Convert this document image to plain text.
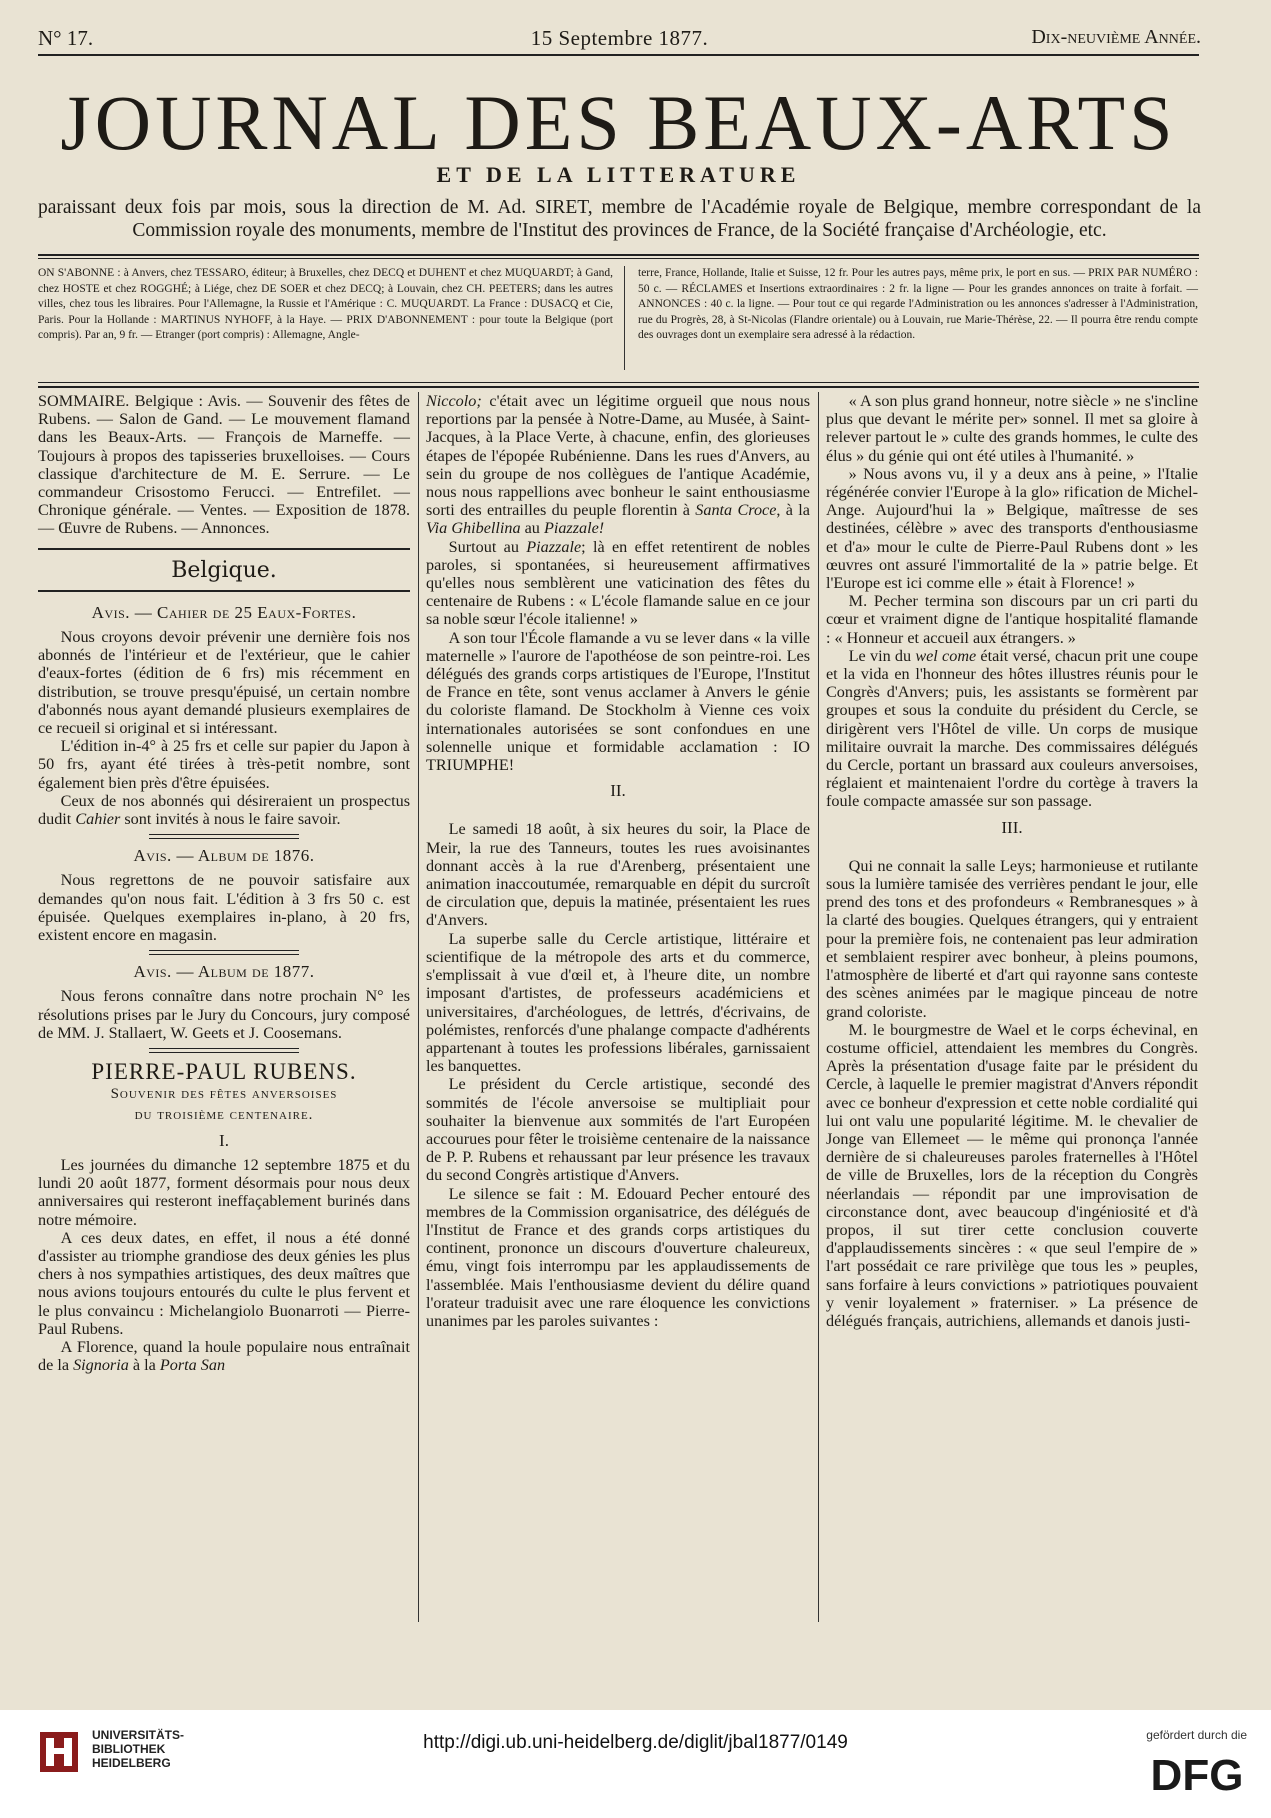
N° 17.	15 Septembre 1877.	Dix-neuvième Année.
JOURNAL DES BEAUX-ARTS
ET DE LA LITTERATURE
paraissant deux fois par mois, sous la direction de M. Ad. SIRET, membre de l'Académie royale de Belgique, membre correspondant de la Commission royale des monuments, membre de l'Institut des provinces de France, de la Société française d'Archéologie, etc.
ON S'ABONNE : à Anvers, chez TESSARO, éditeur; à Bruxelles, chez DECQ et DUHENT et chez MUQUARDT; à Gand, chez HOSTE et chez ROGGHÉ; à Liége, chez DE SOER et chez DECQ; à Louvain, chez CH. PEETERS; dans les autres villes, chez tous les libraires. Pour l'Allemagne, la Russie et l'Amérique : C. MUQUARDT. La France : DUSACQ et Cie, Paris. Pour la Hollande : MARTINUS NYHOFF, à la Haye. — PRIX D'ABONNEMENT : pour toute la Belgique (port compris). Par an, 9 fr. — Etranger (port compris) : Allemagne, Angle-
terre, France, Hollande, Italie et Suisse, 12 fr. Pour les autres pays, même prix, le port en sus. — PRIX PAR NUMÉRO : 50 c. — RÉCLAMES et Insertions extraordinaires : 2 fr. la ligne — Pour les grandes annonces on traite à forfait. — ANNONCES : 40 c. la ligne. — Pour tout ce qui regarde l'Administration ou les annonces s'adresser à l'Administration, rue du Progrès, 28, à St-Nicolas (Flandre orientale) ou à Louvain, rue Marie-Thérèse, 22. — Il pourra être rendu compte des ouvrages dont un exemplaire sera adressé à la rédaction.

SOMMAIRE. Belgique : Avis. — Souvenir des fêtes de Rubens. — Salon de Gand. — Le mouvement flamand dans les Beaux-Arts. — François de Marneffe. — Toujours à propos des tapisseries bruxelloises. — Cours classique d'architecture de M. E. Serrure. — Le commandeur Crisostomo Ferucci. — Entrefilet. — Chronique générale. — Ventes. — Exposition de 1878. — Œuvre de Rubens. — Annonces.

Belgique.
Avis. — Cahier de 25 Eaux-Fortes.

Nous croyons devoir prévenir une dernière fois nos abonnés de l'intérieur et de l'extérieur, que le cahier d'eaux-fortes (édition de 6 frs) mis récemment en distribution, se trouve presqu'épuisé, un certain nombre d'abonnés nous ayant demandé plusieurs exemplaires de ce recueil si original et si intéressant.

L'édition in-4° à 25 frs et celle sur papier du Japon à 50 frs, ayant été tirées à très-petit nombre, sont également bien près d'être épuisées.

Ceux de nos abonnés qui désireraient un prospectus dudit Cahier sont invités à nous le faire savoir.

Avis. — Album de 1876.

Nous regrettons de ne pouvoir satisfaire aux demandes qu'on nous fait. L'édition à 3 frs 50 c. est épuisée. Quelques exemplaires in-plano, à 20 frs, existent encore en magasin.

Avis. — Album de 1877.

Nous ferons connaître dans notre prochain N° les résolutions prises par le Jury du Concours, jury composé de MM. J. Stallaert, W. Geets et J. Coosemans.

PIERRE-PAUL RUBENS.
Souvenir des fêtes anversoises
du troisième centenaire.
I.

Les journées du dimanche 12 septembre 1875 et du lundi 20 août 1877, forment désormais pour nous deux anniversaires qui resteront ineffaçablement burinés dans notre mémoire.

A ces deux dates, en effet, il nous a été donné d'assister au triomphe grandiose des deux génies les plus chers à nos sympathies artistiques, des deux maîtres que nous avions toujours entourés du culte le plus fervent et le plus convaincu : Michelangiolo Buonarroti — Pierre-Paul Rubens.

A Florence, quand la houle populaire nous entraînait de la Signoria à la Porta San

Niccolo; c'était avec un légitime orgueil que nous nous reportions par la pensée à Notre-Dame, au Musée, à Saint-Jacques, à la Place Verte, à chacune, enfin, des glorieuses étapes de l'épopée Rubénienne. Dans les rues d'Anvers, au sein du groupe de nos collègues de l'antique Académie, nous nous rappellions avec bonheur le saint enthousiasme sorti des entrailles du peuple florentin à Santa Croce, à la Via Ghibellina au Piazzale!

Surtout au Piazzale; là en effet retentirent de nobles paroles, si spontanées, si heureusement affirmatives qu'elles nous semblèrent une vaticination des fêtes du centenaire de Rubens : « L'école flamande salue en ce jour sa noble sœur l'école italienne! »

A son tour l'École flamande a vu se lever dans « la ville maternelle » l'aurore de l'apothéose de son peintre-roi. Les délégués des grands corps artistiques de l'Europe, l'Institut de France en tête, sont venus acclamer à Anvers le génie du coloriste flamand. De Stockholm à Vienne ces voix internationales autorisées se sont confondues en une solennelle unique et formidable acclamation : IO TRIUMPHE!

II.

Le samedi 18 août, à six heures du soir, la Place de Meir, la rue des Tanneurs, toutes les rues avoisinantes donnant accès à la rue d'Arenberg, présentaient une animation inaccoutumée, remarquable en dépit du surcroît de circulation que, depuis la matinée, présentaient les rues d'Anvers.

La superbe salle du Cercle artistique, littéraire et scientifique de la métropole des arts et du commerce, s'emplissait à vue d'œil et, à l'heure dite, un nombre imposant d'artistes, de professeurs académiciens et universitaires, d'archéologues, de lettrés, d'écrivains, de polémistes, renforcés d'une phalange compacte d'adhérents appartenant à toutes les professions libérales, garnissaient les banquettes.

Le président du Cercle artistique, secondé des sommités de l'école anversoise se multipliait pour souhaiter la bienvenue aux sommités de l'art Européen accourues pour fêter le troisième centenaire de la naissance de P. P. Rubens et rehaussant par leur présence les travaux du second Congrès artistique d'Anvers.

Le silence se fait : M. Edouard Pecher entouré des membres de la Commission organisatrice, des délégués de l'Institut de France et des grands corps artistiques du continent, prononce un discours d'ouverture chaleureux, ému, vingt fois interrompu par les applaudissements de l'assemblée. Mais l'enthousiasme devient du délire quand l'orateur traduisit avec une rare éloquence les convictions unanimes par les paroles suivantes :

« A son plus grand honneur, notre siècle » ne s'incline plus que devant le mérite per» sonnel. Il met sa gloire à relever partout le » culte des grands hommes, le culte des élus » du génie qui ont été utiles à l'humanité. »

» Nous avons vu, il y a deux ans à peine, » l'Italie régénérée convier l'Europe à la glo» rification de Michel-Ange. Aujourd'hui la » Belgique, maîtresse de ses destinées, célèbre » avec des transports d'enthousiasme et d'a» mour le culte de Pierre-Paul Rubens dont » les œuvres ont assuré l'immortalité de la » patrie belge. Et l'Europe est ici comme elle » était à Florence! »

M. Pecher termina son discours par un cri parti du cœur et vraiment digne de l'antique hospitalité flamande : « Honneur et accueil aux étrangers. »

Le vin du wel come était versé, chacun prit une coupe et la vida en l'honneur des hôtes illustres réunis pour le Congrès d'Anvers; puis, les assistants se formèrent par groupes et sous la conduite du président du Cercle, se dirigèrent vers l'Hôtel de ville. Un corps de musique militaire ouvrait la marche. Des commissaires délégués du Cercle, portant un brassard aux couleurs anversoises, réglaient et maintenaient l'ordre du cortège à travers la foule compacte amassée sur son passage.

III.

Qui ne connait la salle Leys; harmonieuse et rutilante sous la lumière tamisée des verrières pendant le jour, elle prend des tons et des profondeurs « Rembranesques » à la clarté des bougies. Quelques étrangers, qui y entraient pour la première fois, ne contenaient pas leur admiration et semblaient respirer avec bonheur, à pleins poumons, l'atmosphère de liberté et d'art qui rayonne sans conteste des scènes animées par le magique pinceau de notre grand coloriste.

M. le bourgmestre de Wael et le corps échevinal, en costume officiel, attendaient les membres du Congrès. Après la présentation d'usage faite par le président du Cercle, à laquelle le premier magistrat d'Anvers répondit avec ce bonheur d'expression et cette noble cordialité qui lui ont valu une popularité légitime. M. le chevalier de Jonge van Ellemeet — le même qui prononça l'année dernière de si chaleureuses paroles fraternelles à l'Hôtel de ville de Bruxelles, lors de la réception du Congrès néerlandais — répondit par une improvisation de circonstance dont, avec beaucoup d'ingéniosité et d'à propos, il sut tirer cette conclusion couverte d'applaudissements sincères : « que seul l'empire de » l'art possédait ce rare privilège que tous les » peuples, sans forfaire à leurs convictions » patriotiques pouvaient y venir loyalement » fraterniser. » La présence de délégués français, autrichiens, allemands et danois justi-

UNIVERSITÄTS-
BIBLIOTHEK
HEIDELBERG
http://digi.ub.uni-heidelberg.de/diglit/jbal1877/0149	gefördert durch die
DFG
